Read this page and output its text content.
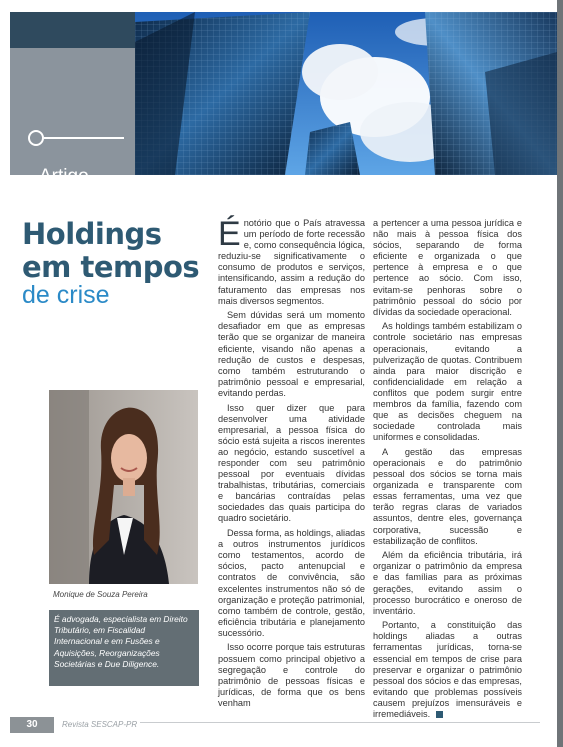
Artigo
Holdings
em tempos
de crise
Monique de Souza Pereira
É advogada, especialista em Direito Tributário, em Fiscalidad Internacional e em Fusões e Aquisições, Reorganizações Societárias e Due Diligence.

É notório que o País atravessa um período de forte recessão e, como consequência lógica, reduziu-se significativamente o consumo de produtos e serviços, intensificando, assim a redução do faturamento das empresas nos mais diversos segmentos.

Sem dúvidas será um momento desafiador em que as empresas terão que se organizar de maneira eficiente, visando não apenas a redução de custos e despesas, como também estruturando o patrimônio pessoal e empresarial, evitando perdas.

Isso quer dizer que para desenvolver uma atividade empresarial, a pessoa física do sócio está sujeita a riscos inerentes ao negócio, estando suscetível a responder com seu patrimônio pessoal por eventuais dívidas trabalhistas, tributárias, comerciais e bancárias contraídas pelas sociedades das quais participa do quadro societário.

Dessa forma, as holdings, aliadas a outros instrumentos jurídicos como testamentos, acordo de sócios, pacto antenupcial e contratos de convivência, são excelentes instrumentos não só de organização e proteção patrimonial, como também de controle, gestão, eficiência tributária e planejamento sucessório.

Isso ocorre porque tais estruturas possuem como principal objetivo a segregação e controle do patrimônio de pessoas físicas e jurídicas, de forma que os bens venham

a pertencer a uma pessoa jurídica e não mais à pessoa física dos sócios, separando de forma eficiente e organizada o que pertence à empresa e o que pertence ao sócio. Com isso, evitam-se penhoras sobre o patrimônio pessoal do sócio por dívidas da sociedade operacional.

As holdings também estabilizam o controle societário nas empresas operacionais, evitando a pulverização de quotas. Contribuem ainda para maior discrição e confidencialidade em relação a conflitos que podem surgir entre membros da família, fazendo com que as decisões cheguem na sociedade controlada mais uniformes e consolidadas.

A gestão das empresas operacionais e do patrimônio pessoal dos sócios se torna mais organizada e transparente com essas ferramentas, uma vez que terão regras claras de variados assuntos, dentre eles, governança corporativa, sucessão e estabilização de conflitos.

Além da eficiência tributária, irá organizar o patrimônio da empresa e das famílias para as próximas gerações, evitando assim o processo burocrático e oneroso de inventário.

Portanto, a constituição das holdings aliadas a outras ferramentas jurídicas, torna-se essencial em tempos de crise para preservar e organizar o patrimônio pessoal dos sócios e das empresas, evitando que problemas possíveis causem prejuízos imensuráveis e irremediáveis.

30	Revista SESCAP-PR
